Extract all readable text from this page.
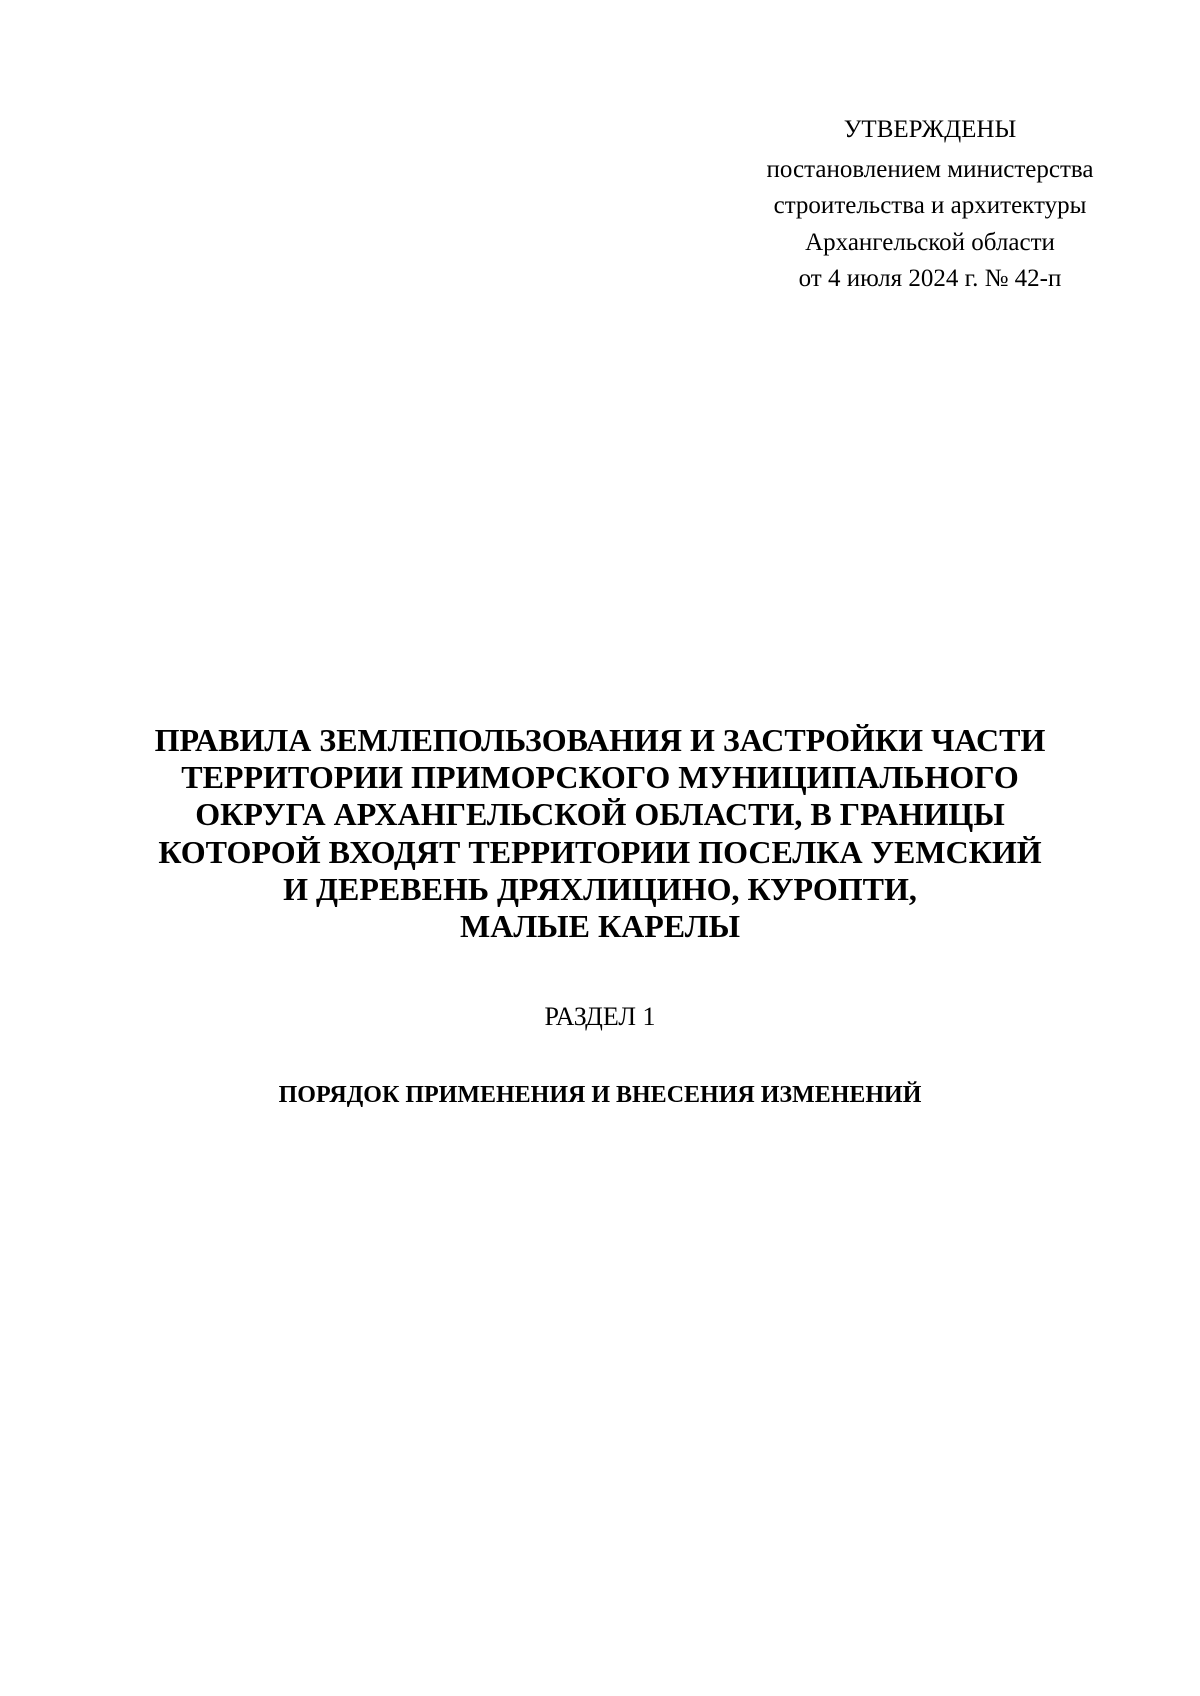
УТВЕРЖДЕНЫ
постановлением министерства
строительства и архитектуры
Архангельской области
от 4 июля 2024 г. № 42-п
ПРАВИЛА ЗЕМЛЕПОЛЬЗОВАНИЯ И ЗАСТРОЙКИ ЧАСТИ
ТЕРРИТОРИИ ПРИМОРСКОГО МУНИЦИПАЛЬНОГО
ОКРУГА АРХАНГЕЛЬСКОЙ ОБЛАСТИ, В ГРАНИЦЫ
КОТОРОЙ ВХОДЯТ ТЕРРИТОРИИ ПОСЕЛКА УЕМСКИЙ
И ДЕРЕВЕНЬ ДРЯХЛИЦИНО, КУРОПТИ,
МАЛЫЕ КАРЕЛЫ
РАЗДЕЛ 1
ПОРЯДОК ПРИМЕНЕНИЯ И ВНЕСЕНИЯ ИЗМЕНЕНИЙ
